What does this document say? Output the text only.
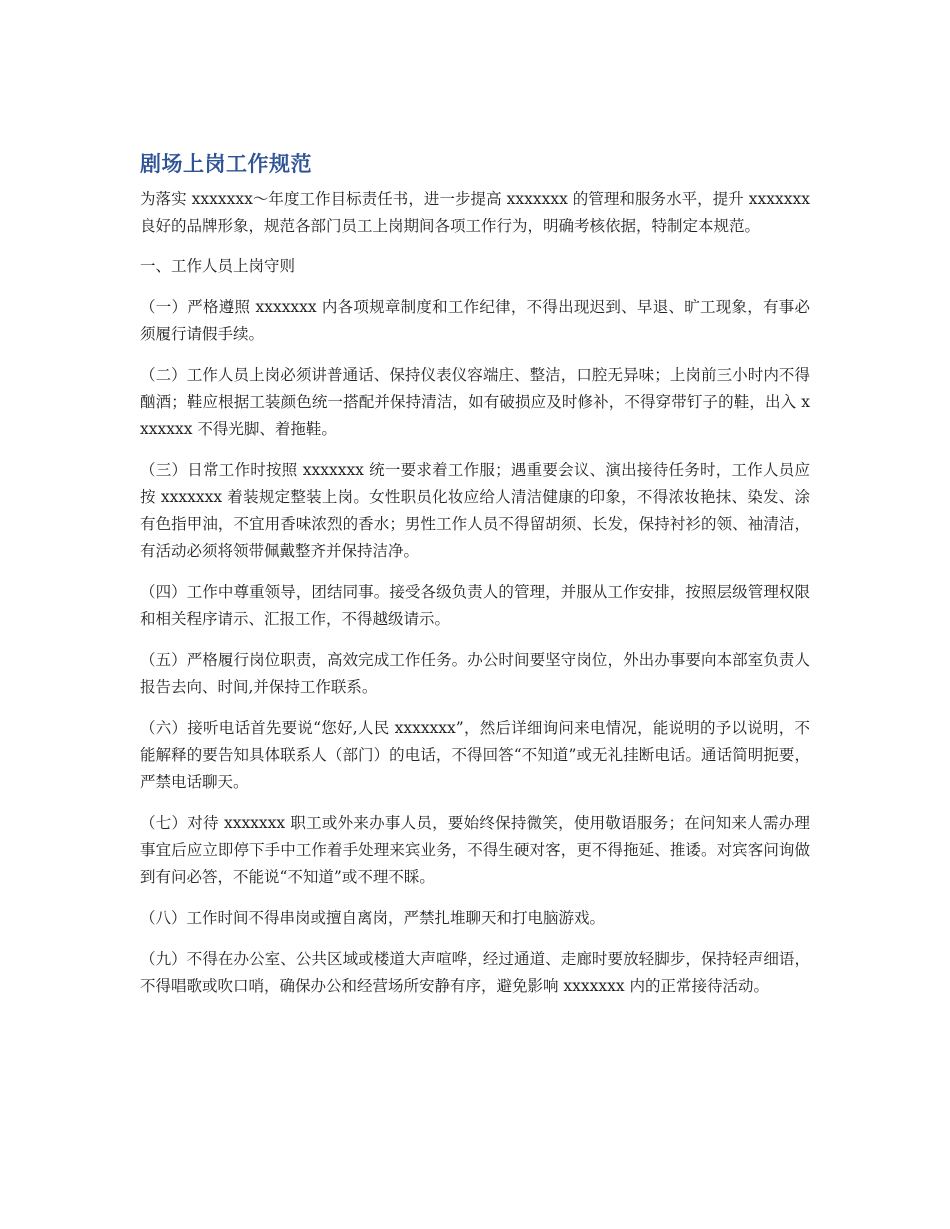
剧场上岗工作规范

为落实 xxxxxxx～年度工作目标责任书，进一步提高 xxxxxxx 的管理和服务水平，提升 xxxxxxx 良好的品牌形象，规范各部门员工上岗期间各项工作行为，明确考核依据，特制定本规范。

一、工作人员上岗守则

（一）严格遵照 xxxxxxx 内各项规章制度和工作纪律，不得出现迟到、早退、旷工现象，有事必须履行请假手续。

（二）工作人员上岗必须讲普通话、保持仪表仪容端庄、整洁，口腔无异味；上岗前三小时内不得酗酒；鞋应根据工装颜色统一搭配并保持清洁，如有破损应及时修补，不得穿带钉子的鞋，出入 xxxxxxx 不得光脚、着拖鞋。

（三）日常工作时按照 xxxxxxx 统一要求着工作服；遇重要会议、演出接待任务时，工作人员应按 xxxxxxx 着装规定整装上岗。女性职员化妆应给人清洁健康的印象，不得浓妆艳抹、染发、涂有色指甲油，不宜用香味浓烈的香水；男性工作人员不得留胡须、长发，保持衬衫的领、袖清洁，有活动必须将领带佩戴整齐并保持洁净。

（四）工作中尊重领导，团结同事。接受各级负责人的管理，并服从工作安排，按照层级管理权限和相关程序请示、汇报工作，不得越级请示。

（五）严格履行岗位职责，高效完成工作任务。办公时间要坚守岗位，外出办事要向本部室负责人报告去向、时间,并保持工作联系。

（六）接听电话首先要说“您好,人民 xxxxxxx”，然后详细询问来电情况，能说明的予以说明，不能解释的要告知具体联系人（部门）的电话，不得回答“不知道”或无礼挂断电话。通话简明扼要，严禁电话聊天。

（七）对待 xxxxxxx 职工或外来办事人员，要始终保持微笑，使用敬语服务；在问知来人需办理事宜后应立即停下手中工作着手处理来宾业务，不得生硬对客，更不得拖延、推诿。对宾客问询做到有问必答，不能说“不知道”或不理不睬。

（八）工作时间不得串岗或擅自离岗，严禁扎堆聊天和打电脑游戏。

（九）不得在办公室、公共区域或楼道大声喧哗，经过通道、走廊时要放轻脚步，保持轻声细语，不得唱歌或吹口哨，确保办公和经营场所安静有序，避免影响 xxxxxxx 内的正常接待活动。
